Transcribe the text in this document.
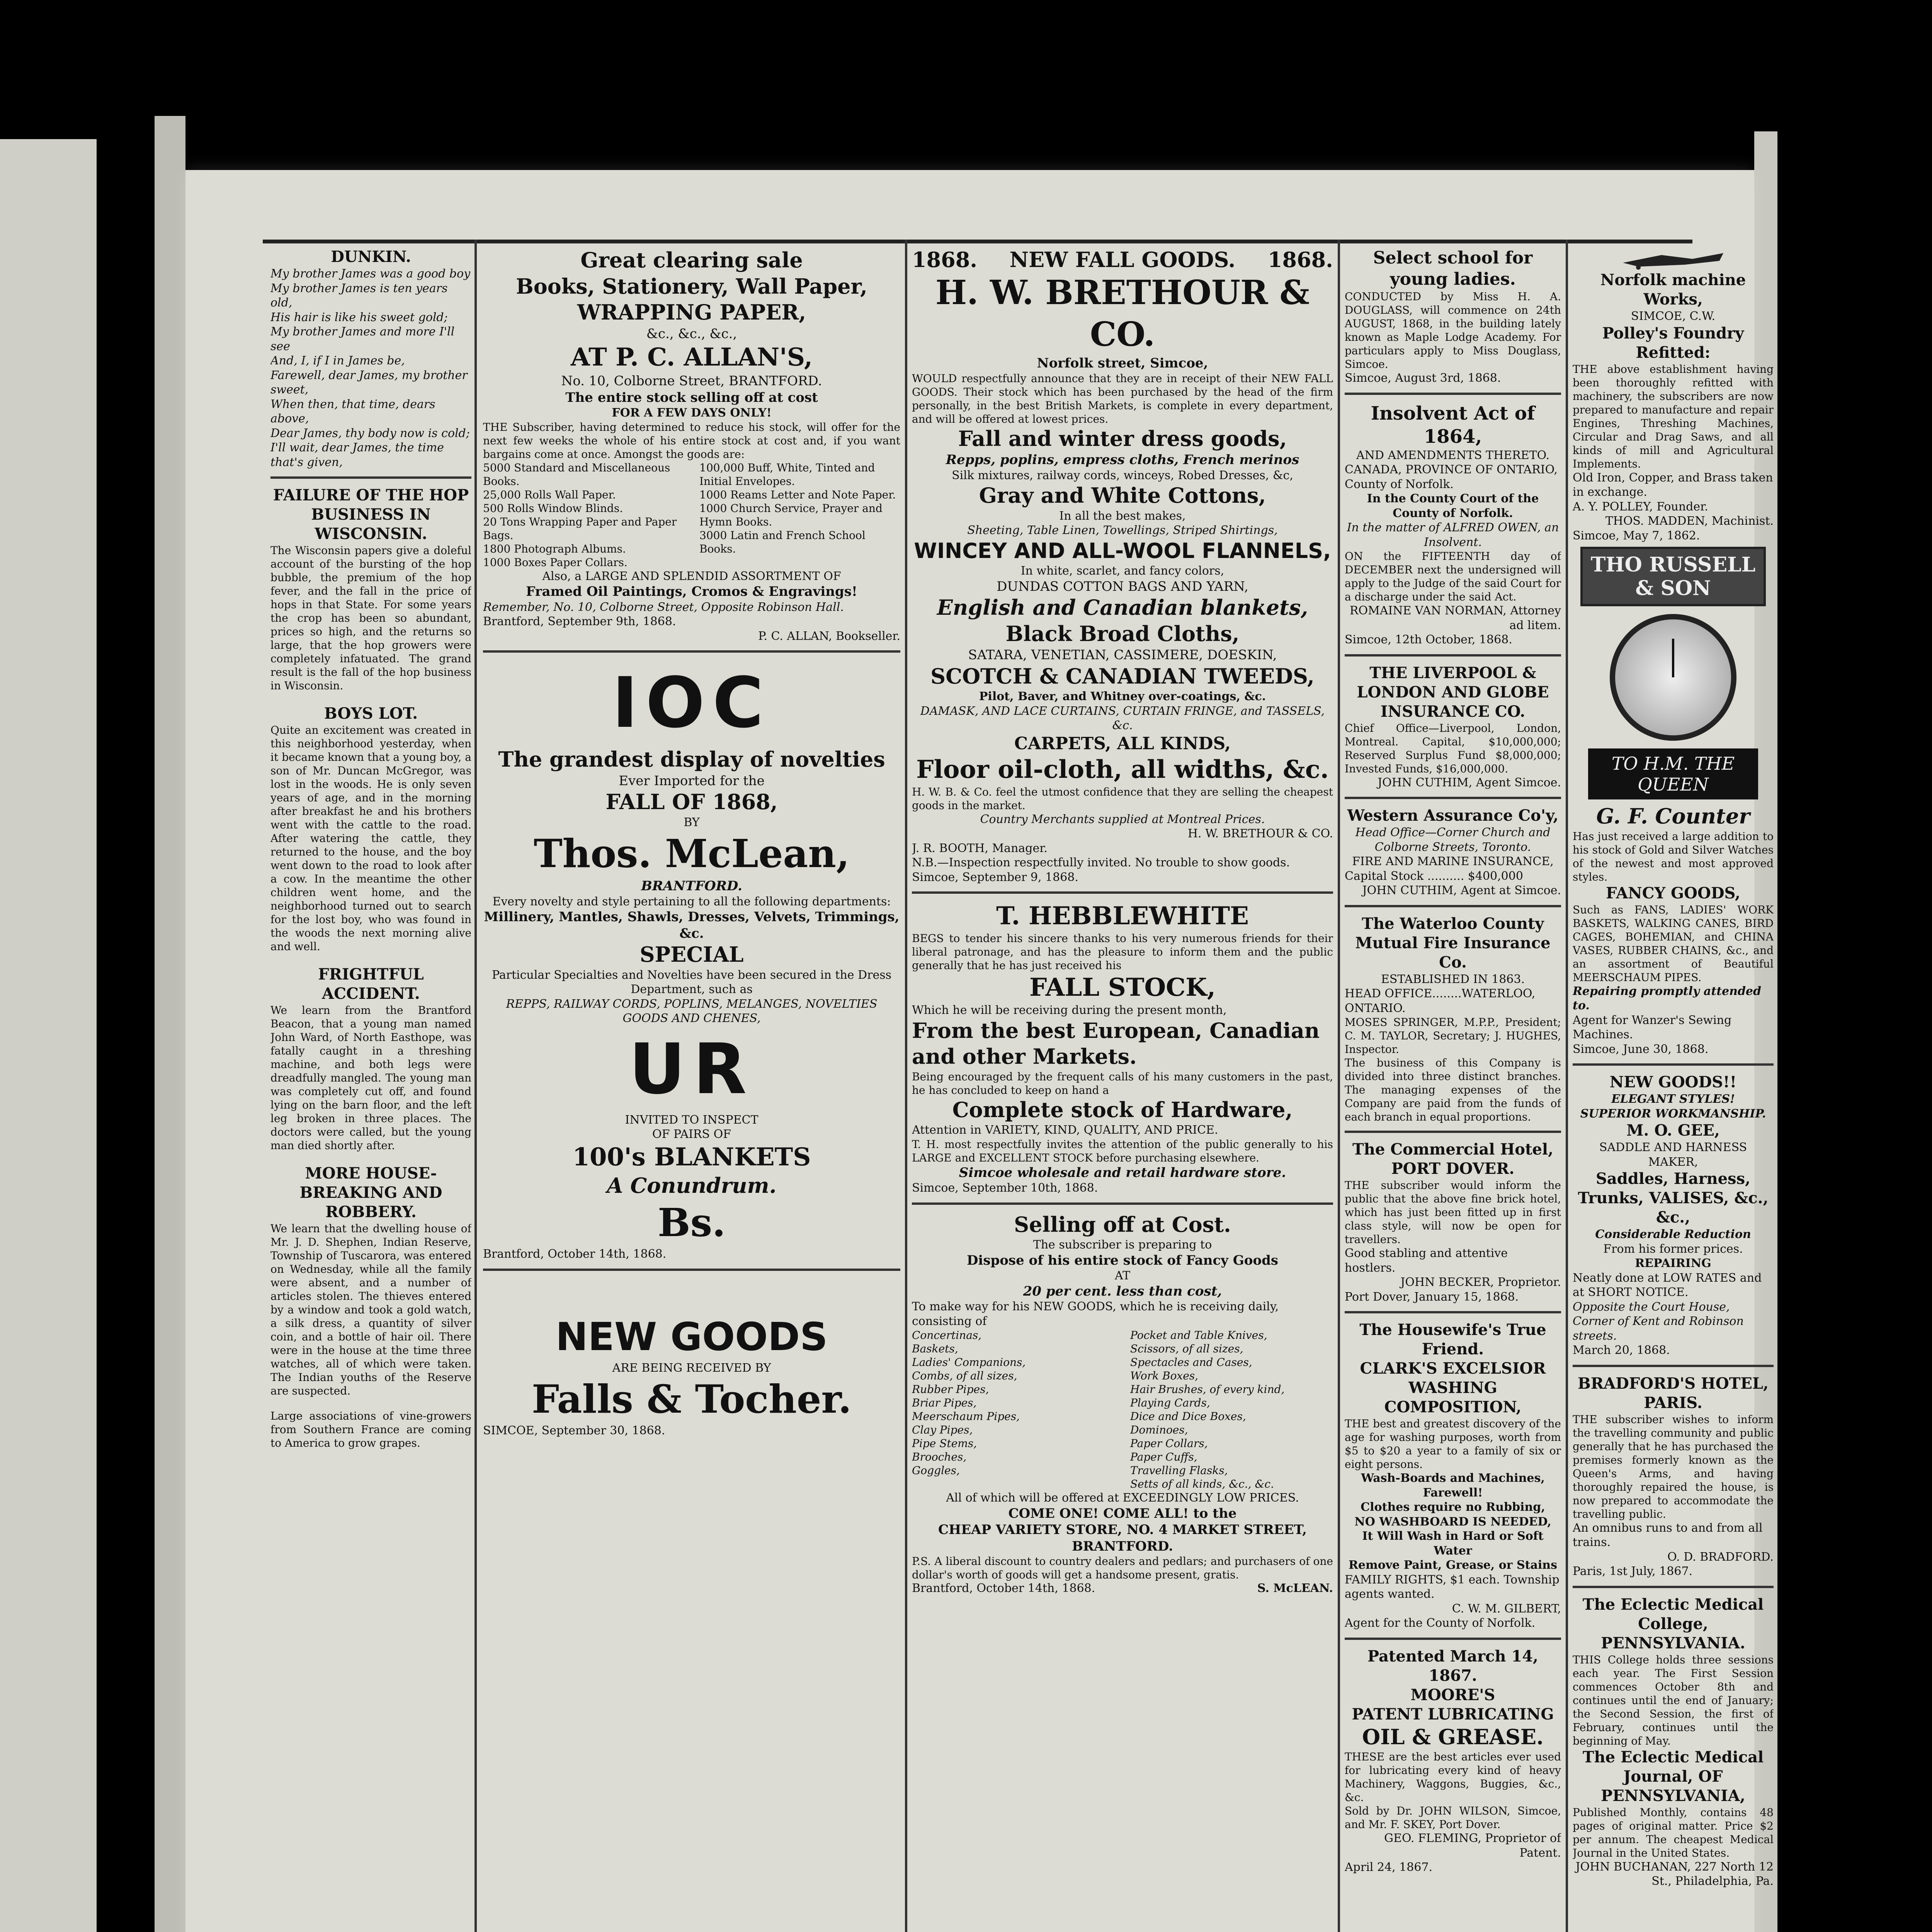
DUNKIN.
My brother James was a good boy
My brother James is ten years old,
His hair is like his sweet gold;
My brother James and more I'll see
And, I, if I in James be,
Farewell, dear James, my brother sweet,
When then, that time, dears above,
Dear James, thy body now is cold;
I'll wait, dear James, the time that's given,
FAILURE OF THE HOP BUSINESS IN WISCONSIN.
The Wisconsin papers give a doleful account of the bursting of the hop bubble, the premium of the hop fever, and the fall in the price of hops in that State. For some years the crop has been so abundant, prices so high, and the returns so large, that the hop growers were completely infatuated. The grand result is the fall of the hop business in Wisconsin.
BOYS LOT.
Quite an excitement was created in this neighborhood yesterday, when it became known that a young boy, a son of Mr. Duncan McGregor, was lost in the woods. He is only seven years of age, and in the morning after breakfast he and his brothers went with the cattle to the road. After watering the cattle, they returned to the house, and the boy went down to the road to look after a cow. In the meantime the other children went home, and the neighborhood turned out to search for the lost boy, who was found in the woods the next morning alive and well.
FRIGHTFUL ACCIDENT.
We learn from the Brantford Beacon, that a young man named John Ward, of North Easthope, was fatally caught in a threshing machine, and both legs were dreadfully mangled. The young man was completely cut off, and found lying on the barn floor, and the left leg broken in three places. The doctors were called, but the young man died shortly after.
MORE HOUSE-BREAKING AND ROBBERY.
We learn that the dwelling house of Mr. J. D. Shephen, Indian Reserve, Township of Tuscarora, was entered on Wednesday, while all the family were absent, and a number of articles stolen. The thieves entered by a window and took a gold watch, a silk dress, a quantity of silver coin, and a bottle of hair oil. There were in the house at the time three watches, all of which were taken. The Indian youths of the Reserve are suspected.
Large associations of vine-growers from Southern France are coming to America to grow grapes.
Great clearing sale
Books, Stationery, Wall Paper,
WRAPPING PAPER,
&c., &c., &c.,
AT P. C. ALLAN'S,
No. 10, Colborne Street, BRANTFORD.
The entire stock selling off at cost
FOR A FEW DAYS ONLY!
THE Subscriber, having determined to reduce his stock, will offer for the next few weeks the whole of his entire stock at cost and, if you want bargains come at once. Amongst the goods are:
5000 Standard and Miscellaneous Books.
25,000 Rolls Wall Paper.
500 Rolls Window Blinds.
20 Tons Wrapping Paper and Paper Bags.
1800 Photograph Albums.
1000 Boxes Paper Collars.
100,000 Buff, White, Tinted and Initial Envelopes.
1000 Reams Letter and Note Paper.
1000 Church Service, Prayer and Hymn Books.
3000 Latin and French School Books.
Also, a LARGE AND SPLENDID ASSORTMENT OF
Framed Oil Paintings, Cromos & Engravings!
Remember, No. 10, Colborne Street, Opposite Robinson Hall.
Brantford, September 9th, 1868.
P. C. ALLAN, Bookseller.
IOC
The grandest display of novelties
Ever Imported for the
FALL OF 1868,
BY
Thos. McLean,
BRANTFORD.
Every novelty and style pertaining to all the following departments:
Millinery, Mantles, Shawls, Dresses, Velvets, Trimmings, &c.
SPECIAL
Particular Specialties and Novelties have been secured in the Dress Department, such as
REPPS, RAILWAY CORDS, POPLINS, MELANGES, NOVELTIES GOODS AND CHENES,
UR
INVITED TO INSPECT
OF PAIRS OF
100's BLANKETS
A Conundrum.
Bs.
Brantford, October 14th, 1868.
NEW GOODS
ARE BEING RECEIVED BY
Falls & Tocher.
SIMCOE, September 30, 1868.
1868. NEW FALL GOODS. 1868.
H. W. BRETHOUR & CO.
Norfolk street, Simcoe,
WOULD respectfully announce that they are in receipt of their NEW FALL GOODS. Their stock which has been purchased by the head of the firm personally, in the best British Markets, is complete in every department, and will be offered at lowest prices.
Fall and winter dress goods,
Repps, poplins, empress cloths, French merinos
Silk mixtures, railway cords, winceys, Robed Dresses, &c,
Gray and White Cottons,
In all the best makes,
Sheeting, Table Linen, Towellings, Striped Shirtings,
WINCEY AND ALL-WOOL FLANNELS,
In white, scarlet, and fancy colors,
DUNDAS COTTON BAGS AND YARN,
English and Canadian blankets,
Black Broad Cloths,
SATARA, VENETIAN, CASSIMERE, DOESKIN,
SCOTCH & CANADIAN TWEEDS,
Pilot, Baver, and Whitney over-coatings, &c.
DAMASK, AND LACE CURTAINS, CURTAIN FRINGE, and TASSELS, &c.
CARPETS, ALL KINDS,
Floor oil-cloth, all widths, &c.
H. W. B. & Co. feel the utmost confidence that they are selling the cheapest goods in the market.
Country Merchants supplied at Montreal Prices.
H. W. BRETHOUR & CO.
J. R. BOOTH, Manager.
N.B.—Inspection respectfully invited. No trouble to show goods.
Simcoe, September 9, 1868.
T. HEBBLEWHITE
BEGS to tender his sincere thanks to his very numerous friends for their liberal patronage, and has the pleasure to inform them and the public generally that he has just received his
FALL STOCK,
Which he will be receiving during the present month,
From the best European, Canadian and other Markets.
Being encouraged by the frequent calls of his many customers in the past, he has concluded to keep on hand a
Complete stock of Hardware,
Attention in VARIETY, KIND, QUALITY, AND PRICE.
T. H. most respectfully invites the attention of the public generally to his LARGE and EXCELLENT STOCK before purchasing elsewhere.
Simcoe wholesale and retail hardware store.
Simcoe, September 10th, 1868.
Selling off at Cost.
The subscriber is preparing to
Dispose of his entire stock of Fancy Goods
AT
20 per cent. less than cost,
To make way for his NEW GOODS, which he is receiving daily, consisting of
Concertinas,
Baskets,
Ladies' Companions,
Combs, of all sizes,
Rubber Pipes,
Briar Pipes,
Meerschaum Pipes,
Clay Pipes,
Pipe Stems,
Brooches,
Goggles,
Pocket and Table Knives,
Scissors, of all sizes,
Spectacles and Cases,
Work Boxes,
Hair Brushes, of every kind,
Playing Cards,
Dice and Dice Boxes,
Dominoes,
Paper Collars,
Paper Cuffs,
Travelling Flasks,
Setts of all kinds, &c., &c.
All of which will be offered at EXCEEDINGLY LOW PRICES.
COME ONE! COME ALL! to the
CHEAP VARIETY STORE, NO. 4 MARKET STREET, BRANTFORD.
P.S. A liberal discount to country dealers and pedlars; and purchasers of one dollar's worth of goods will get a handsome present, gratis.
Brantford, October 14th, 1868.	S. McLEAN.
Select school for young ladies.
CONDUCTED by Miss H. A. DOUGLASS, will commence on 24th AUGUST, 1868, in the building lately known as Maple Lodge Academy. For particulars apply to Miss Douglass, Simcoe.
Simcoe, August 3rd, 1868.
Insolvent Act of 1864,
AND AMENDMENTS THERETO.
CANADA, PROVINCE OF ONTARIO, County of Norfolk.
In the County Court of the County of Norfolk.
In the matter of ALFRED OWEN, an Insolvent.
ON the FIFTEENTH day of DECEMBER next the undersigned will apply to the Judge of the said Court for a discharge under the said Act.
ROMAINE VAN NORMAN, Attorney ad litem.
Simcoe, 12th October, 1868.
THE LIVERPOOL & LONDON AND GLOBE INSURANCE CO.
Chief Office—Liverpool, London, Montreal. Capital, $10,000,000; Reserved Surplus Fund $8,000,000; Invested Funds, $16,000,000.
JOHN CUTHIM, Agent Simcoe.
Western Assurance Co'y,
Head Office—Corner Church and Colborne Streets, Toronto.
FIRE AND MARINE INSURANCE,
Capital Stock .......... $400,000
JOHN CUTHIM, Agent at Simcoe.
The Waterloo County Mutual Fire Insurance Co.
ESTABLISHED IN 1863.
HEAD OFFICE........WATERLOO, ONTARIO.
MOSES SPRINGER, M.P.P., President; C. M. TAYLOR, Secretary; J. HUGHES, Inspector.
The business of this Company is divided into three distinct branches. The managing expenses of the Company are paid from the funds of each branch in equal proportions.
The Commercial Hotel, PORT DOVER.
THE subscriber would inform the public that the above fine brick hotel, which has just been fitted up in first class style, will now be open for travellers.
Good stabling and attentive hostlers.
JOHN BECKER, Proprietor.
Port Dover, January 15, 1868.
The Housewife's True Friend.
CLARK'S EXCELSIOR WASHING COMPOSITION,
THE best and greatest discovery of the age for washing purposes, worth from $5 to $20 a year to a family of six or eight persons.
Wash-Boards and Machines, Farewell!
Clothes require no Rubbing,
NO WASHBOARD IS NEEDED,
It Will Wash in Hard or Soft Water
Remove Paint, Grease, or Stains
FAMILY RIGHTS, $1 each. Township agents wanted.
C. W. M. GILBERT,
Agent for the County of Norfolk.
Patented March 14, 1867.
MOORE'S
PATENT LUBRICATING
OIL & GREASE.
THESE are the best articles ever used for lubricating every kind of heavy Machinery, Waggons, Buggies, &c., &c.
Sold by Dr. JOHN WILSON, Simcoe, and Mr. F. SKEY, Port Dover.
GEO. FLEMING, Proprietor of Patent.
April 24, 1867.
Norfolk machine Works,
SIMCOE, C.W.
Polley's Foundry Refitted:
THE above establishment having been thoroughly refitted with machinery, the subscribers are now prepared to manufacture and repair Engines, Threshing Machines, Circular and Drag Saws, and all kinds of mill and Agricultural Implements.
Old Iron, Copper, and Brass taken in exchange.
A. Y. POLLEY, Founder.
THOS. MADDEN, Machinist.
Simcoe, May 7, 1862.
THO RUSSELL & SON
TO H.M. THE QUEEN
G. F. Counter
Has just received a large addition to his stock of Gold and Silver Watches of the newest and most approved styles.
FANCY GOODS,
Such as FANS, LADIES' WORK BASKETS, WALKING CANES, BIRD CAGES, BOHEMIAN, and CHINA VASES, RUBBER CHAINS, &c., and an assortment of Beautiful MEERSCHAUM PIPES.
Repairing promptly attended to.
Agent for Wanzer's Sewing Machines.
Simcoe, June 30, 1868.
NEW GOODS!!
ELEGANT STYLES!
SUPERIOR WORKMANSHIP.
M. O. GEE,
SADDLE AND HARNESS MAKER,
Saddles, Harness, Trunks, VALISES, &c., &c.,
Considerable Reduction
From his former prices.
REPAIRING
Neatly done at LOW RATES and at SHORT NOTICE.
Opposite the Court House, Corner of Kent and Robinson streets.
March 20, 1868.
BRADFORD'S HOTEL, PARIS.
THE subscriber wishes to inform the travelling community and public generally that he has purchased the premises formerly known as the Queen's Arms, and having thoroughly repaired the house, is now prepared to accommodate the travelling public.
An omnibus runs to and from all trains.
O. D. BRADFORD.
Paris, 1st July, 1867.
The Eclectic Medical College,
PENNSYLVANIA.
THIS College holds three sessions each year. The First Session commences October 8th and continues until the end of January; the Second Session, the first of February, continues until the beginning of May.
The Eclectic Medical Journal, OF PENNSYLVANIA,
Published Monthly, contains 48 pages of original matter. Price $2 per annum. The cheapest Medical Journal in the United States.
JOHN BUCHANAN, 227 North 12 St., Philadelphia, Pa.
